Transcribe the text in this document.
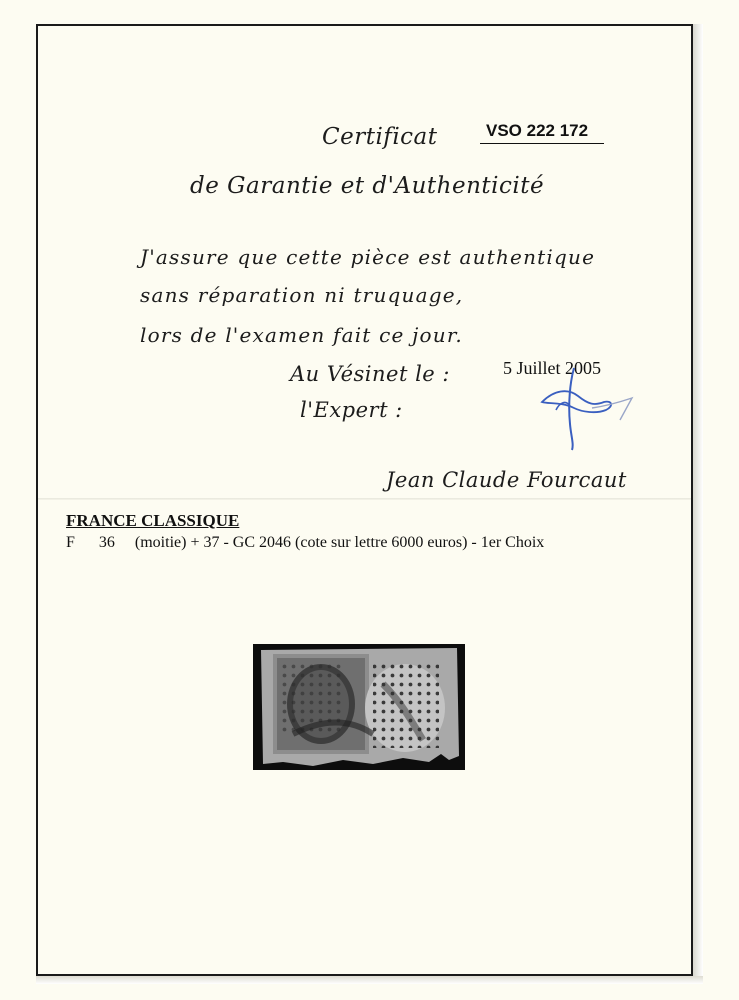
Certificat
de Garantie et d'Authenticité
VSO 222 172
J'assure que cette pièce est authentique
sans réparation ni truquage,
lors de l'examen fait ce jour.
Au Vésinet le :	5 Juillet 2005
l'Expert :
Jean Claude Fourcaut
FRANCE CLASSIQUE
F 36 (moitie) + 37 - GC 2046 (cote sur lettre 6000 euros) - 1er Choix
